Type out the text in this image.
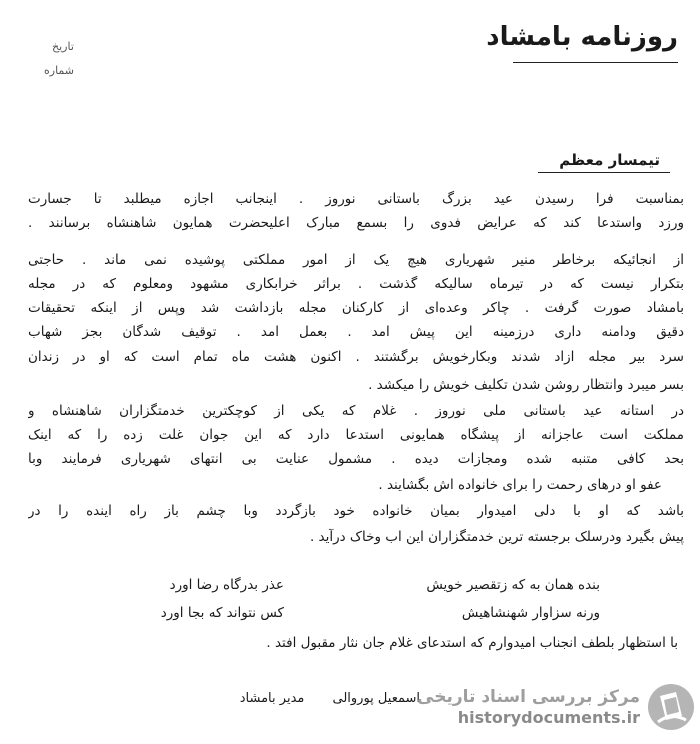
روزنامه بامشاد
تاریخ
شماره
تیمسار معظم
بمناسبت فرا رسیدن عید بزرگ باستانی نوروز . اینجانب اجازه میطلبد تا جسارت
ورزد واستدعا کند که عرایض فدوی را بسمع مبارک اعلیحضرت همایون شاهنشاه برسانند .
از انجائیکه برخاطر منیر شهریاری هیچ یک از امور مملکتی پوشیده نمی ماند . حاجتی
بتکرار نیست که در تیرماه سالیکه گذشت . براثر خرابکاری مشهود ومعلوم که در مجله
بامشاد صورت گرفت . چاکر وعده‌ای از کارکنان مجله بازداشت شد وپس از اینکه تحقیقات
دقیق ودامنه داری درزمینه این پیش امد . بعمل امد . توقیف شدگان بجز شهاب
سرد بیر مجله ازاد شدند وبکارخویش برگشتند . اکنون هشت ماه تمام است که او در زندان
بسر میبرد وانتظار روشن شدن تکلیف خویش را میکشد .
در استانه عید باستانی ملی نوروز . غلام که یکی از کوچکترین خدمتگزاران شاهنشاه و
مملکت است عاجزانه از پیشگاه همایونی استدعا دارد که این جوان غلت زده را که اینک
بحد کافی متنبه شده ومجازات دیده . مشمول عنایت بی انتهای شهریاری فرمایند وبا
عفو او درهای رحمت را برای خانواده اش بگشایند .
باشد که او با دلی امیدوار بمیان خانواده خود بازگردد وبا چشم باز راه اینده را در
پیش بگیرد ودرسلک برجسته ترین خدمتگزاران این اب وخاک درآید .
بنده همان به که زتقصیر خویش
عذر بدرگاه رضا اورد
ورنه سزاوار شهنشاهیش
کس نتواند که بجا اورد
با استظهار بلطف انجناب امیدوارم که استدعای غلام جان نثار مقبول افتد .
اسمعیل پوروالی مدیر بامشاد	مرکز بررسی اسناد تاریخی
historydocuments.ir
